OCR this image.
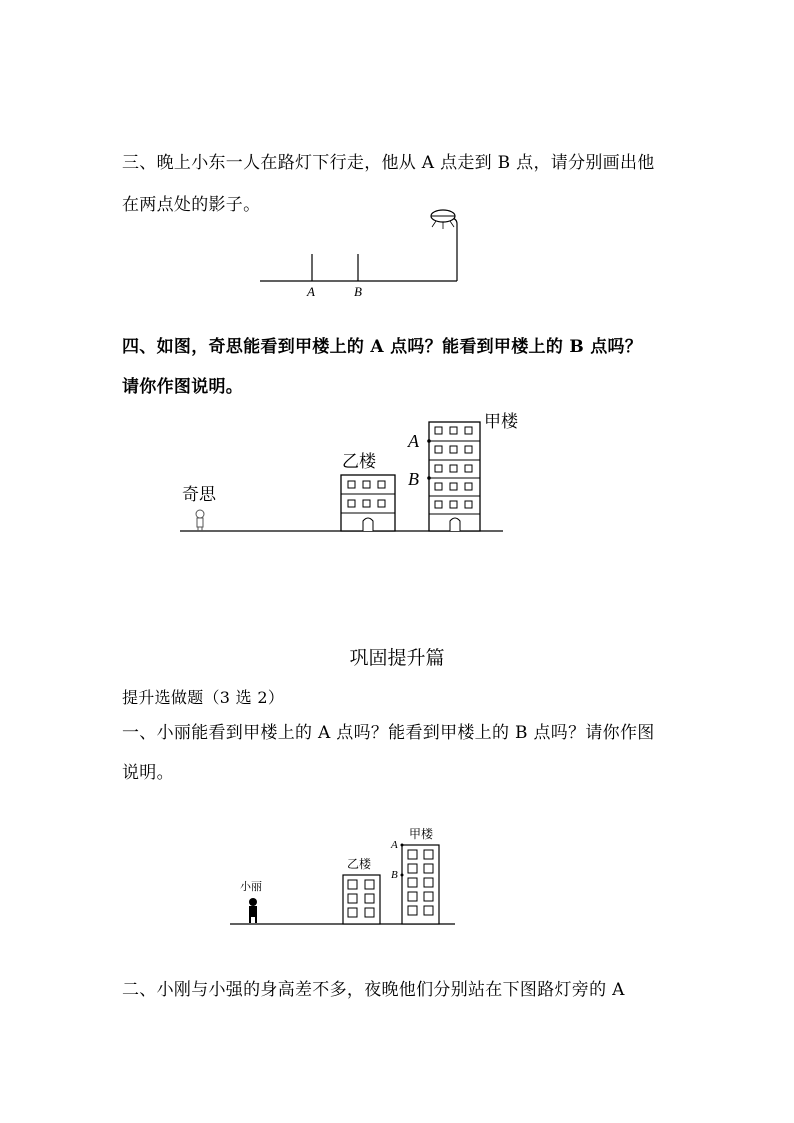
三、晚上小东一人在路灯下行走，他从 A 点走到 B 点，请分别画出他
在两点处的影子。
A	B
四、如图，奇思能看到甲楼上的 A 点吗？能看到甲楼上的 B 点吗？
请你作图说明。
奇思
乙楼
甲楼
A
B
巩固提升篇
提升选做题（3 选 2）
一、小丽能看到甲楼上的 A 点吗？能看到甲楼上的 B 点吗？请你作图
说明。
小丽
乙楼
甲楼
A
B
二、小刚与小强的身高差不多，夜晚他们分别站在下图路灯旁的 A
